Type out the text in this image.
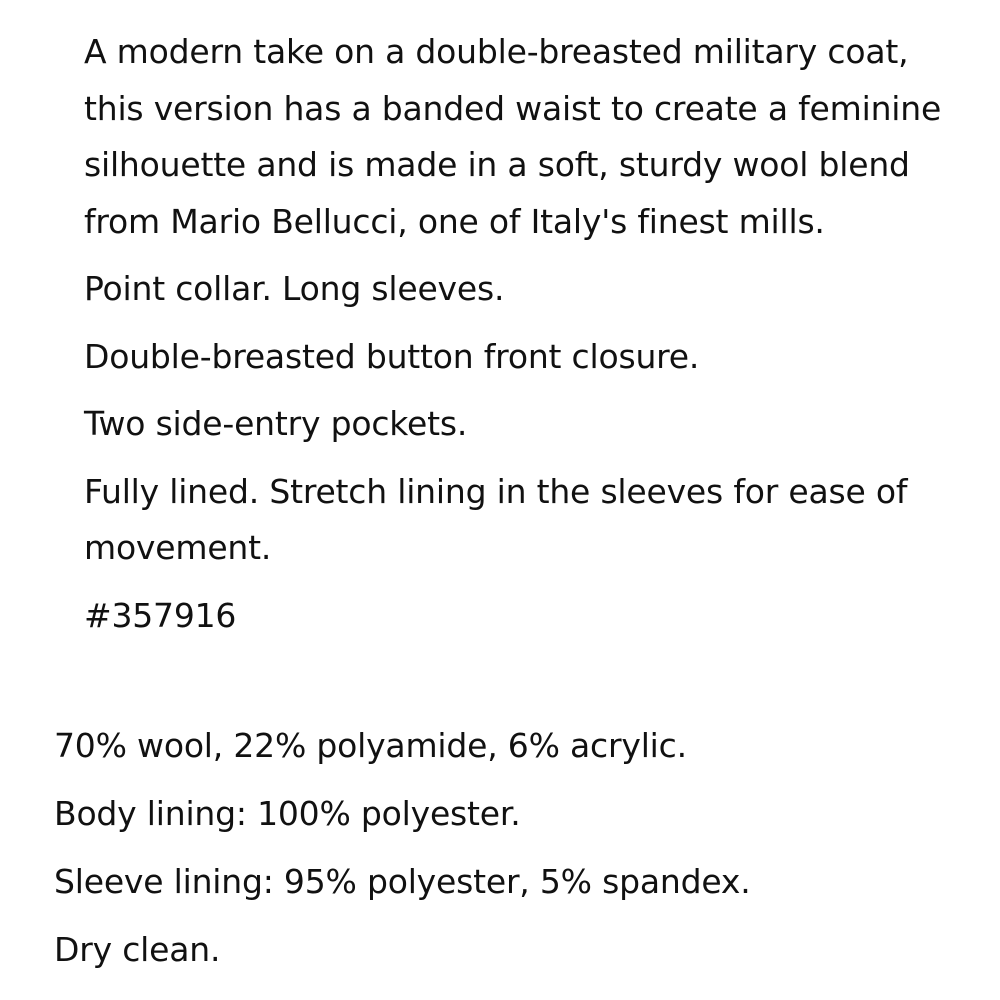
A modern take on a double-breasted military coat, this version has a banded waist to create a feminine silhouette and is made in a soft, sturdy wool blend from Mario Bellucci, one of Italy's finest mills.

Point collar. Long sleeves.

Double-breasted button front closure.

Two side-entry pockets.

Fully lined. Stretch lining in the sleeves for ease of movement.

#357916

70% wool, 22% polyamide, 6% acrylic.

Body lining: 100% polyester.

Sleeve lining: 95% polyester, 5% spandex.

Dry clean.
